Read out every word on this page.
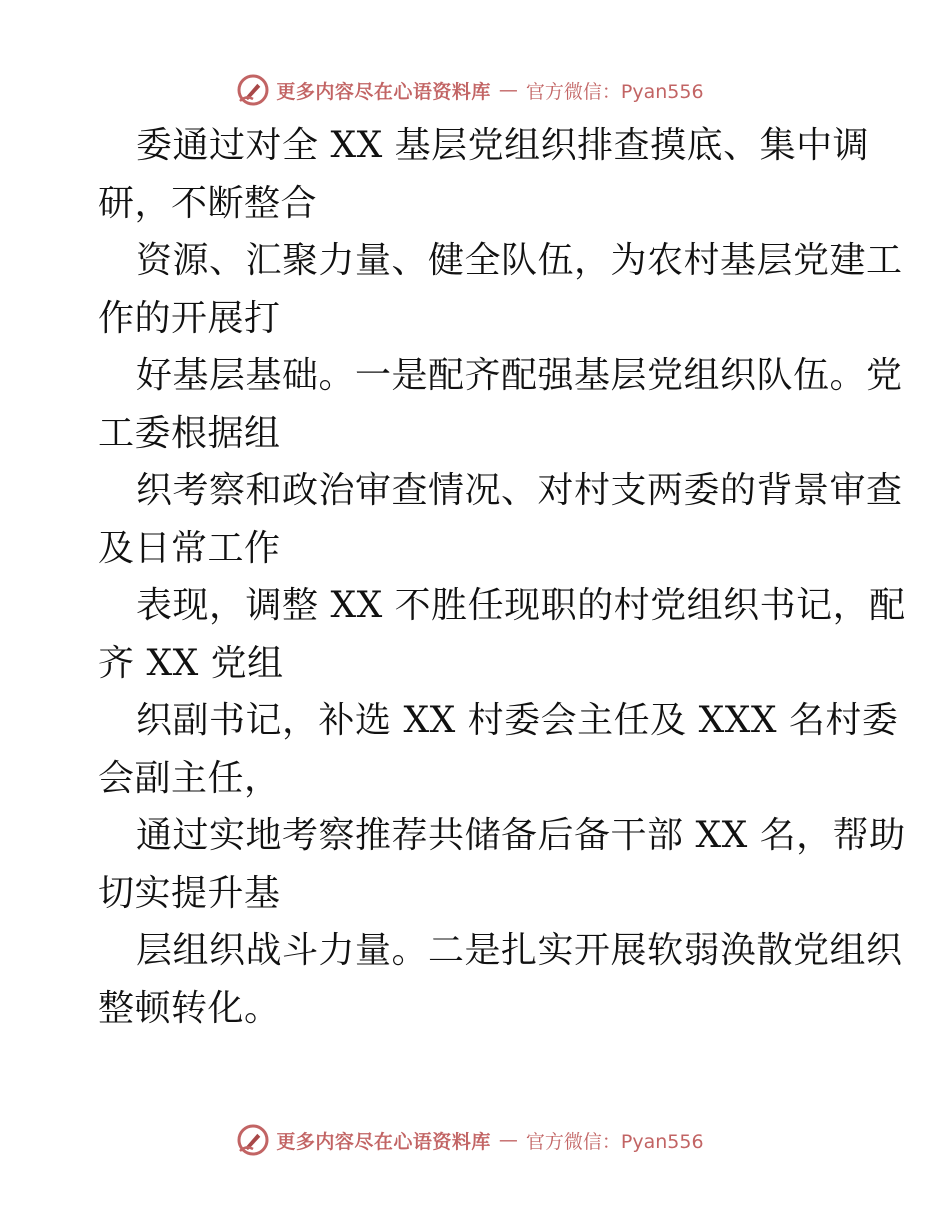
更多内容尽在心语资料库 — 官方微信：Pyan556
委通过对全 XX 基层党组织排查摸底、集中调
研，不断整合
资源、汇聚力量、健全队伍，为农村基层党建工
作的开展打
好基层基础。一是配齐配强基层党组织队伍。党
工委根据组
织考察和政治审查情况、对村支两委的背景审查
及日常工作
表现，调整 XX 不胜任现职的村党组织书记，配
齐 XX 党组
织副书记，补选 XX 村委会主任及 XXX 名村委
会副主任，
通过实地考察推荐共储备后备干部 XX 名，帮助
切实提升基
层组织战斗力量。二是扎实开展软弱涣散党组织
整顿转化。
更多内容尽在心语资料库 — 官方微信：Pyan556
